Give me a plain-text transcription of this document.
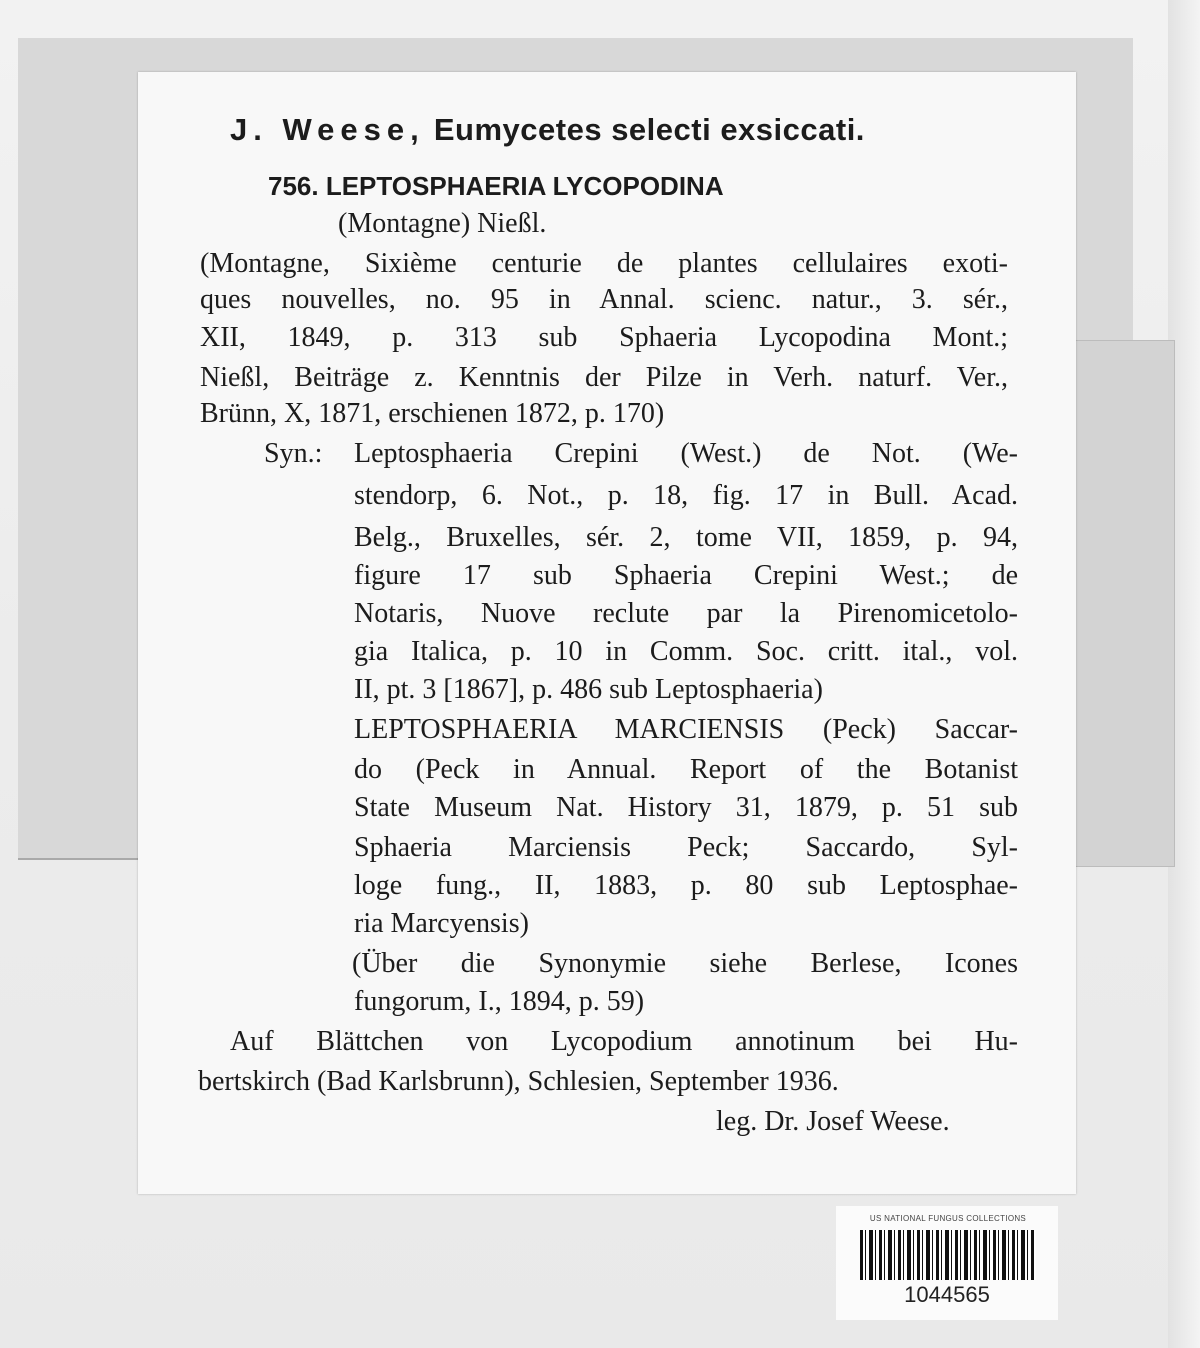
J. Weese, Eumycetes selecti exsiccati.
756. LEPTOSPHAERIA LYCOPODINA
(Montagne) Nießl.
(Montagne, Sixième centurie de plantes cellulaires exoti-
ques nouvelles, no. 95 in Annal. scienc. natur., 3. sér.,
XII, 1849, p. 313 sub Sphaeria Lycopodina Mont.;
Nießl, Beiträge z. Kenntnis der Pilze in Verh. naturf. Ver.,
Brünn, X, 1871, erschienen 1872, p. 170)
Syn.: Leptosphaeria Crepini (West.) de Not. (We-
stendorp, 6. Not., p. 18, fig. 17 in Bull. Acad.
Belg., Bruxelles, sér. 2, tome VII, 1859, p. 94,
figure 17 sub Sphaeria Crepini West.; de
Notaris, Nuove reclute par la Pirenomicetolo-
gia Italica, p. 10 in Comm. Soc. critt. ital., vol.
II, pt. 3 [1867], p. 486 sub Leptosphaeria)
LEPTOSPHAERIA MARCIENSIS (Peck) Saccar-
do (Peck in Annual. Report of the Botanist
State Museum Nat. History 31, 1879, p. 51 sub
Sphaeria Marciensis Peck; Saccardo, Syl-
loge fung., II, 1883, p. 80 sub Leptosphae-
ria Marcyensis)
(Über die Synonymie siehe Berlese, Icones
fungorum, I., 1894, p. 59)
Auf Blättchen von Lycopodium annotinum bei Hu-
bertskirch (Bad Karlsbrunn), Schlesien, September 1936.
leg. Dr. Josef Weese.
US NATIONAL FUNGUS COLLECTIONS
1044565
